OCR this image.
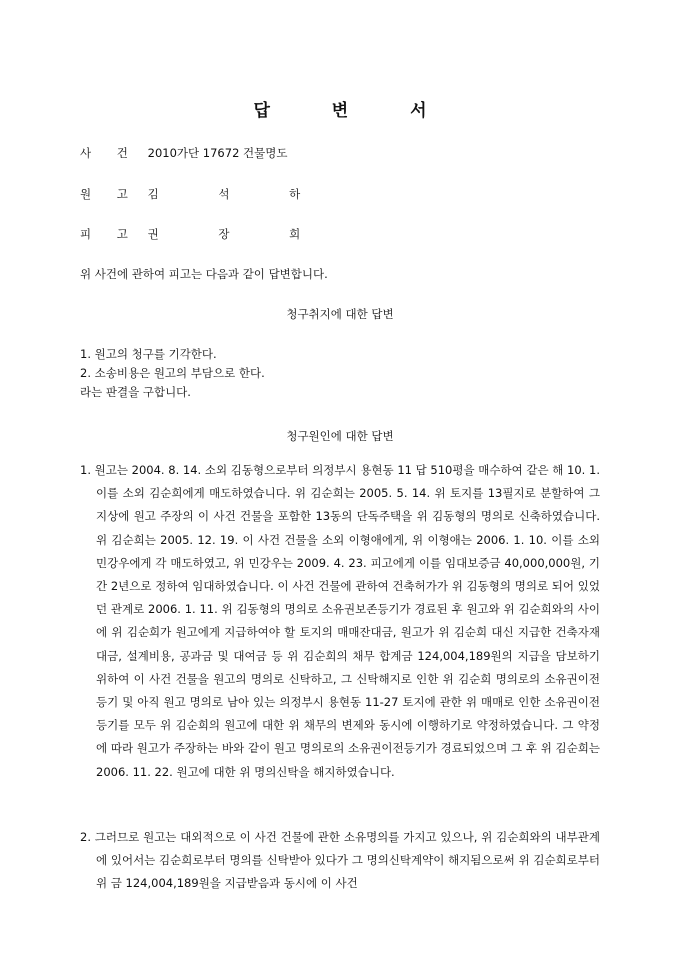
답 변 서
사 건 2010가단 17672 건물명도
원 고 김 석 하
피 고 권 장 희
위 사건에 관하여 피고는 다음과 같이 답변합니다.
청구취지에 대한 답변
1. 원고의 청구를 기각한다.
2. 소송비용은 원고의 부담으로 한다.
라는 판결을 구합니다.
청구원인에 대한 답변

1. 원고는 2004. 8. 14. 소외 김동형으로부터 의정부시 용현동 11 답 510평을 매수하여 같은 해 10. 1. 이를 소외 김순희에게 매도하였습니다. 위 김순희는 2005. 5. 14. 위 토지를 13필지로 분할하여 그 지상에 원고 주장의 이 사건 건물을 포함한 13동의 단독주택을 위 김동형의 명의로 신축하였습니다. 위 김순희는 2005. 12. 19. 이 사건 건물을 소외 이형애에게, 위 이형애는 2006. 1. 10. 이를 소외 민강우에게 각 매도하였고, 위 민강우는 2009. 4. 23. 피고에게 이를 임대보증금 40,000,000원, 기간 2년으로 정하여 임대하였습니다. 이 사건 건물에 관하여 건축허가가 위 김동형의 명의로 되어 있었던 관계로 2006. 1. 11. 위 김동형의 명의로 소유권보존등기가 경료된 후 원고와 위 김순희와의 사이에 위 김순희가 원고에게 지급하여야 할 토지의 매매잔대금, 원고가 위 김순희 대신 지급한 건축자재대금, 설계비용, 공과금 및 대여금 등 위 김순희의 채무 합계금 124,004,189원의 지급을 담보하기 위하여 이 사건 건물을 원고의 명의로 신탁하고, 그 신탁해지로 인한 위 김순희 명의로의 소유권이전등기 및 아직 원고 명의로 남아 있는 의정부시 용현동 11-27 토지에 관한 위 매매로 인한 소유권이전등기를 모두 위 김순희의 원고에 대한 위 채무의 변제와 동시에 이행하기로 약정하였습니다. 그 약정에 따라 원고가 주장하는 바와 같이 원고 명의로의 소유권이전등기가 경료되었으며 그 후 위 김순희는 2006. 11. 22. 원고에 대한 위 명의신탁을 해지하였습니다.

2. 그러므로 원고는 대외적으로 이 사건 건물에 관한 소유명의를 가지고 있으나, 위 김순희와의 내부관계에 있어서는 김순희로부터 명의를 신탁받아 있다가 그 명의신탁계약이 해지됨으로써 위 김순희로부터 위 금 124,004,189원을 지급받음과 동시에 이 사건
